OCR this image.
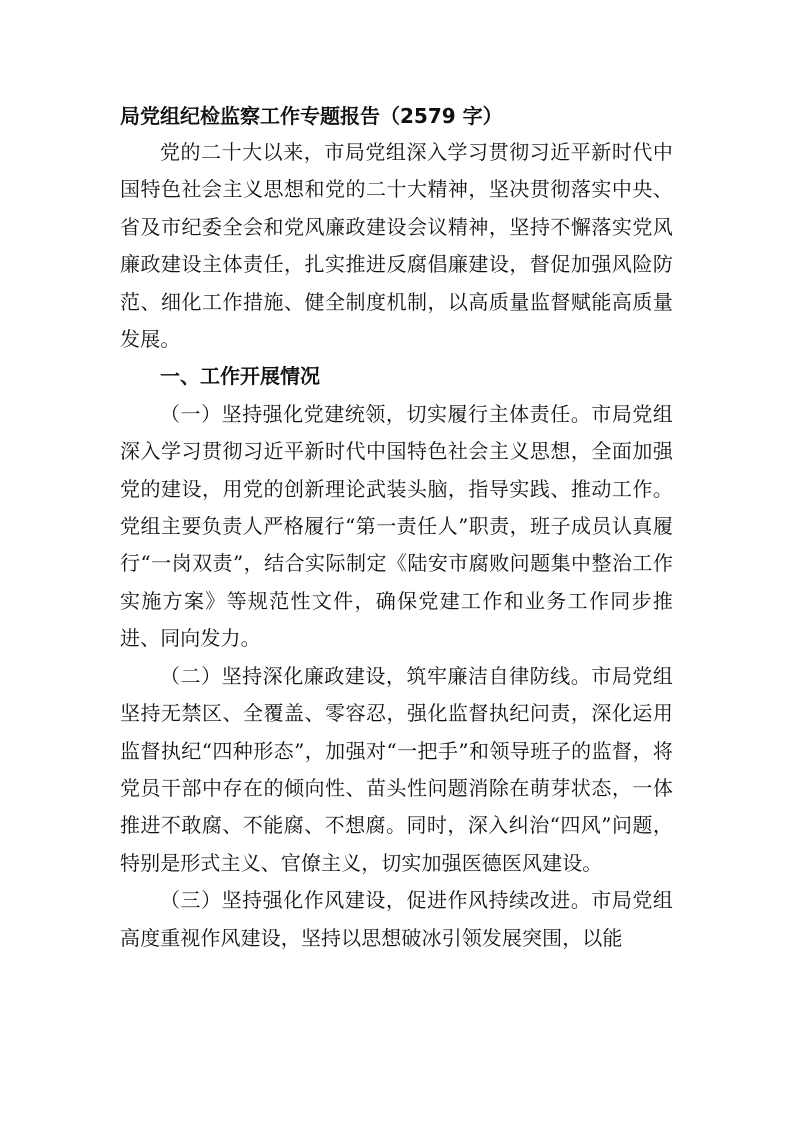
局党组纪检监察工作专题报告（2579 字）

党的二十大以来，市局党组深入学习贯彻习近平新时代中国特色社会主义思想和党的二十大精神，坚决贯彻落实中央、省及市纪委全会和党风廉政建设会议精神，坚持不懈落实党风廉政建设主体责任，扎实推进反腐倡廉建设，督促加强风险防范、细化工作措施、健全制度机制，以高质量监督赋能高质量发展。

一、工作开展情况

（一）坚持强化党建统领，切实履行主体责任。市局党组深入学习贯彻习近平新时代中国特色社会主义思想，全面加强党的建设，用党的创新理论武装头脑，指导实践、推动工作。党组主要负责人严格履行“第一责任人”职责，班子成员认真履行“一岗双责”，结合实际制定《陆安市腐败问题集中整治工作实施方案》等规范性文件，确保党建工作和业务工作同步推进、同向发力。

（二）坚持深化廉政建设，筑牢廉洁自律防线。市局党组坚持无禁区、全覆盖、零容忍，强化监督执纪问责，深化运用监督执纪“四种形态”，加强对“一把手”和领导班子的监督，将党员干部中存在的倾向性、苗头性问题消除在萌芽状态，一体推进不敢腐、不能腐、不想腐。同时，深入纠治“四风”问题，特别是形式主义、官僚主义，切实加强医德医风建设。

（三）坚持强化作风建设，促进作风持续改进。市局党组高度重视作风建设，坚持以思想破冰引领发展突围，以能
